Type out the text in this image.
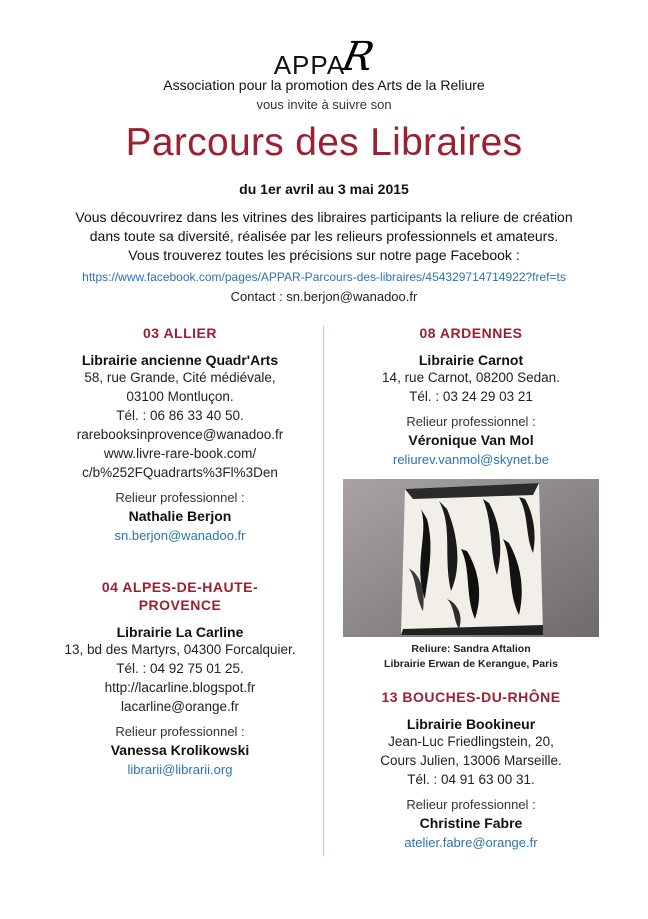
APPAR
Association pour la promotion des Arts de la Reliure
vous invite à suivre son
Parcours des Libraires
du 1er avril au 3 mai 2015
Vous découvrirez dans les vitrines des libraires participants la reliure de création
dans toute sa diversité, réalisée par les relieurs professionnels et amateurs.
Vous trouverez toutes les précisions sur notre page Facebook :
https://www.facebook.com/pages/APPAR-Parcours-des-libraires/454329714714922?fref=ts
Contact : sn.berjon@wanadoo.fr
03 ALLIER
Librairie ancienne Quadr'Arts
58, rue Grande, Cité médiévale,
03100 Montluçon.
Tél. : 06 86 33 40 50.
rarebooksinprovence@wanadoo.fr
www.livre-rare-book.com/
c/b%252FQuadrarts%3Fl%3Den
Relieur professionnel :
Nathalie Berjon
sn.berjon@wanadoo.fr
04 ALPES-DE-HAUTE-
PROVENCE
Librairie La Carline
13, bd des Martyrs, 04300 Forcalquier.
Tél. : 04 92 75 01 25.
http://lacarline.blogspot.fr
lacarline@orange.fr
Relieur professionnel :
Vanessa Krolikowski
librarii@librarii.org
08 ARDENNES
Librairie Carnot
14, rue Carnot, 08200 Sedan.
Tél. : 03 24 29 03 21
Relieur professionnel :
Véronique Van Mol
reliurev.vanmol@skynet.be
Reliure: Sandra Aftalion
Librairie Erwan de Kerangue, Paris
13 BOUCHES-DU-RHÔNE
Librairie Bookineur
Jean-Luc Friedlingstein, 20,
Cours Julien, 13006 Marseille.
Tél. : 04 91 63 00 31.
Relieur professionnel :
Christine Fabre
atelier.fabre@orange.fr
